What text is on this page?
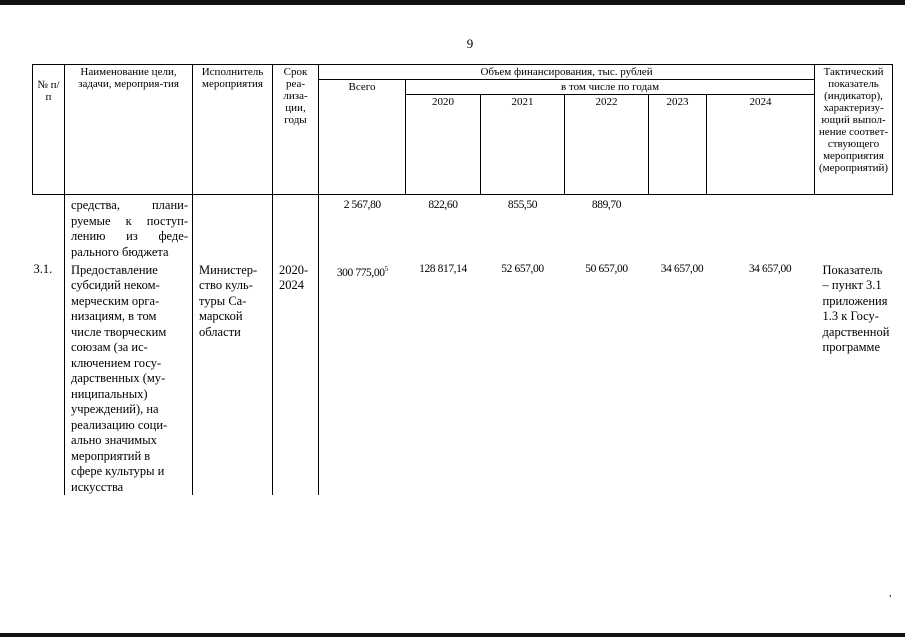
9
№ п/п	Наименование цели, задачи, мероприя-тия	Исполнитель мероприятия	Срок реа-лиза-ции, годы	Объем финансирования, тыс. рублей						Тактический показатель (индикатор), характеризу-ющий выпол-нение соответ-ствующего мероприятия (мероприятий)
				Всего	в том числе по годам					
					2020	2021	2022	2023	2024	

	средства, плани-
руемые к поступ-
лению из феде-
рального бюджета			2 567,80	822,60	855,50	889,70			
3.1.	Предоставление субсидий неком-мерческим орга-низациям, в том числе творческим союзам (за ис-ключением госу-дарственных (му-ниципальных) учреждений), на реализацию соци-ально значимых мероприятий в сфере культуры и искусства	Министер-ство куль-туры Са-марской области	2020-2024	300 775,00$^5$	128 817,14	52 657,00	50 657,00	34 657,00	34 657,00	Показатель – пункт 3.1 приложения 1.3 к Госу-дарственной программе
,
